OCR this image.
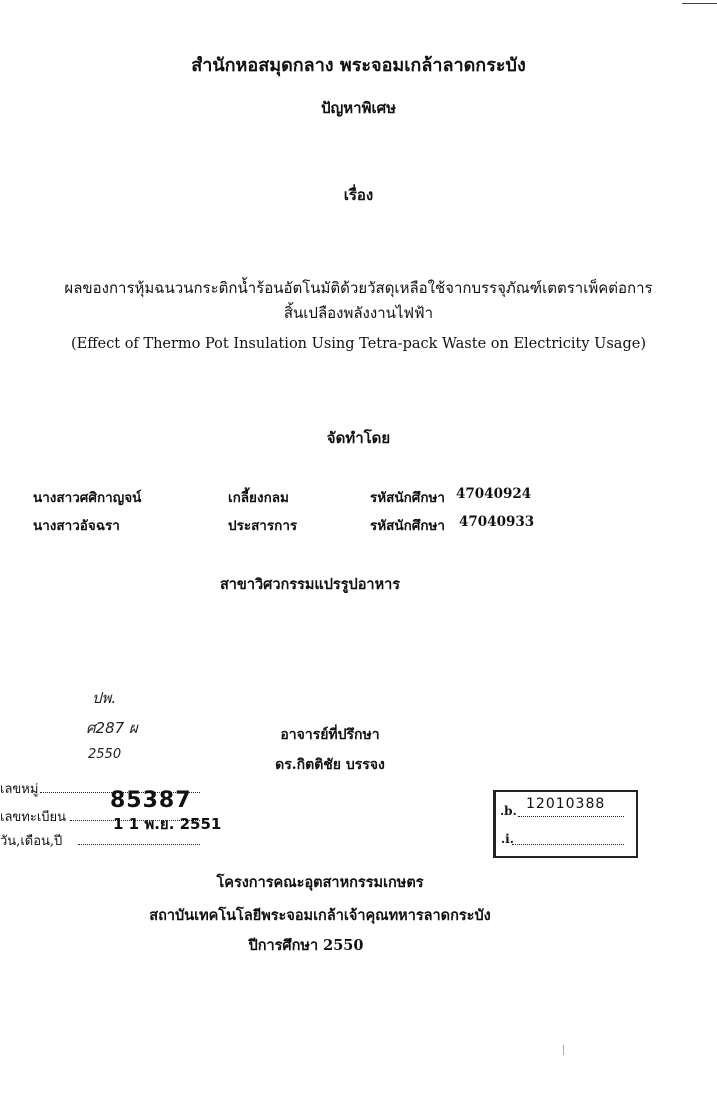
สำนักหอสมุดกลาง พระจอมเกล้าลาดกระบัง
ปัญหาพิเศษ
เรื่อง
ผลของการหุ้มฉนวนกระติกน้ำร้อนอัตโนมัติด้วยวัสดุเหลือใช้จากบรรจุภัณฑ์เตตราเพ็คต่อการ
สิ้นเปลืองพลังงานไฟฟ้า
(Effect of Thermo Pot Insulation Using Tetra-pack Waste on Electricity Usage)
จัดทำโดย
นางสาวศศิกาญจน์	เกลี้ยงกลม	รหัสนักศึกษา 47040924
นางสาวอัจฉรา	ประสารการ	รหัสนักศึกษา 47040933
สาขาวิศวกรรมแปรรูปอาหาร
ปพ.
ศ287 ผ
2550
อาจารย์ที่ปรึกษา
ดร.กิตติชัย บรรจง
เลขหมู่
เลขทะเบียน
85387
วัน,เดือน,ปี
1 1 พ.ย. 2551
.b. 12010388
.i.
โครงการคณะอุตสาหกรรมเกษตร
สถาบันเทคโนโลยีพระจอมเกล้าเจ้าคุณทหารลาดกระบัง
ปีการศึกษา 2550
